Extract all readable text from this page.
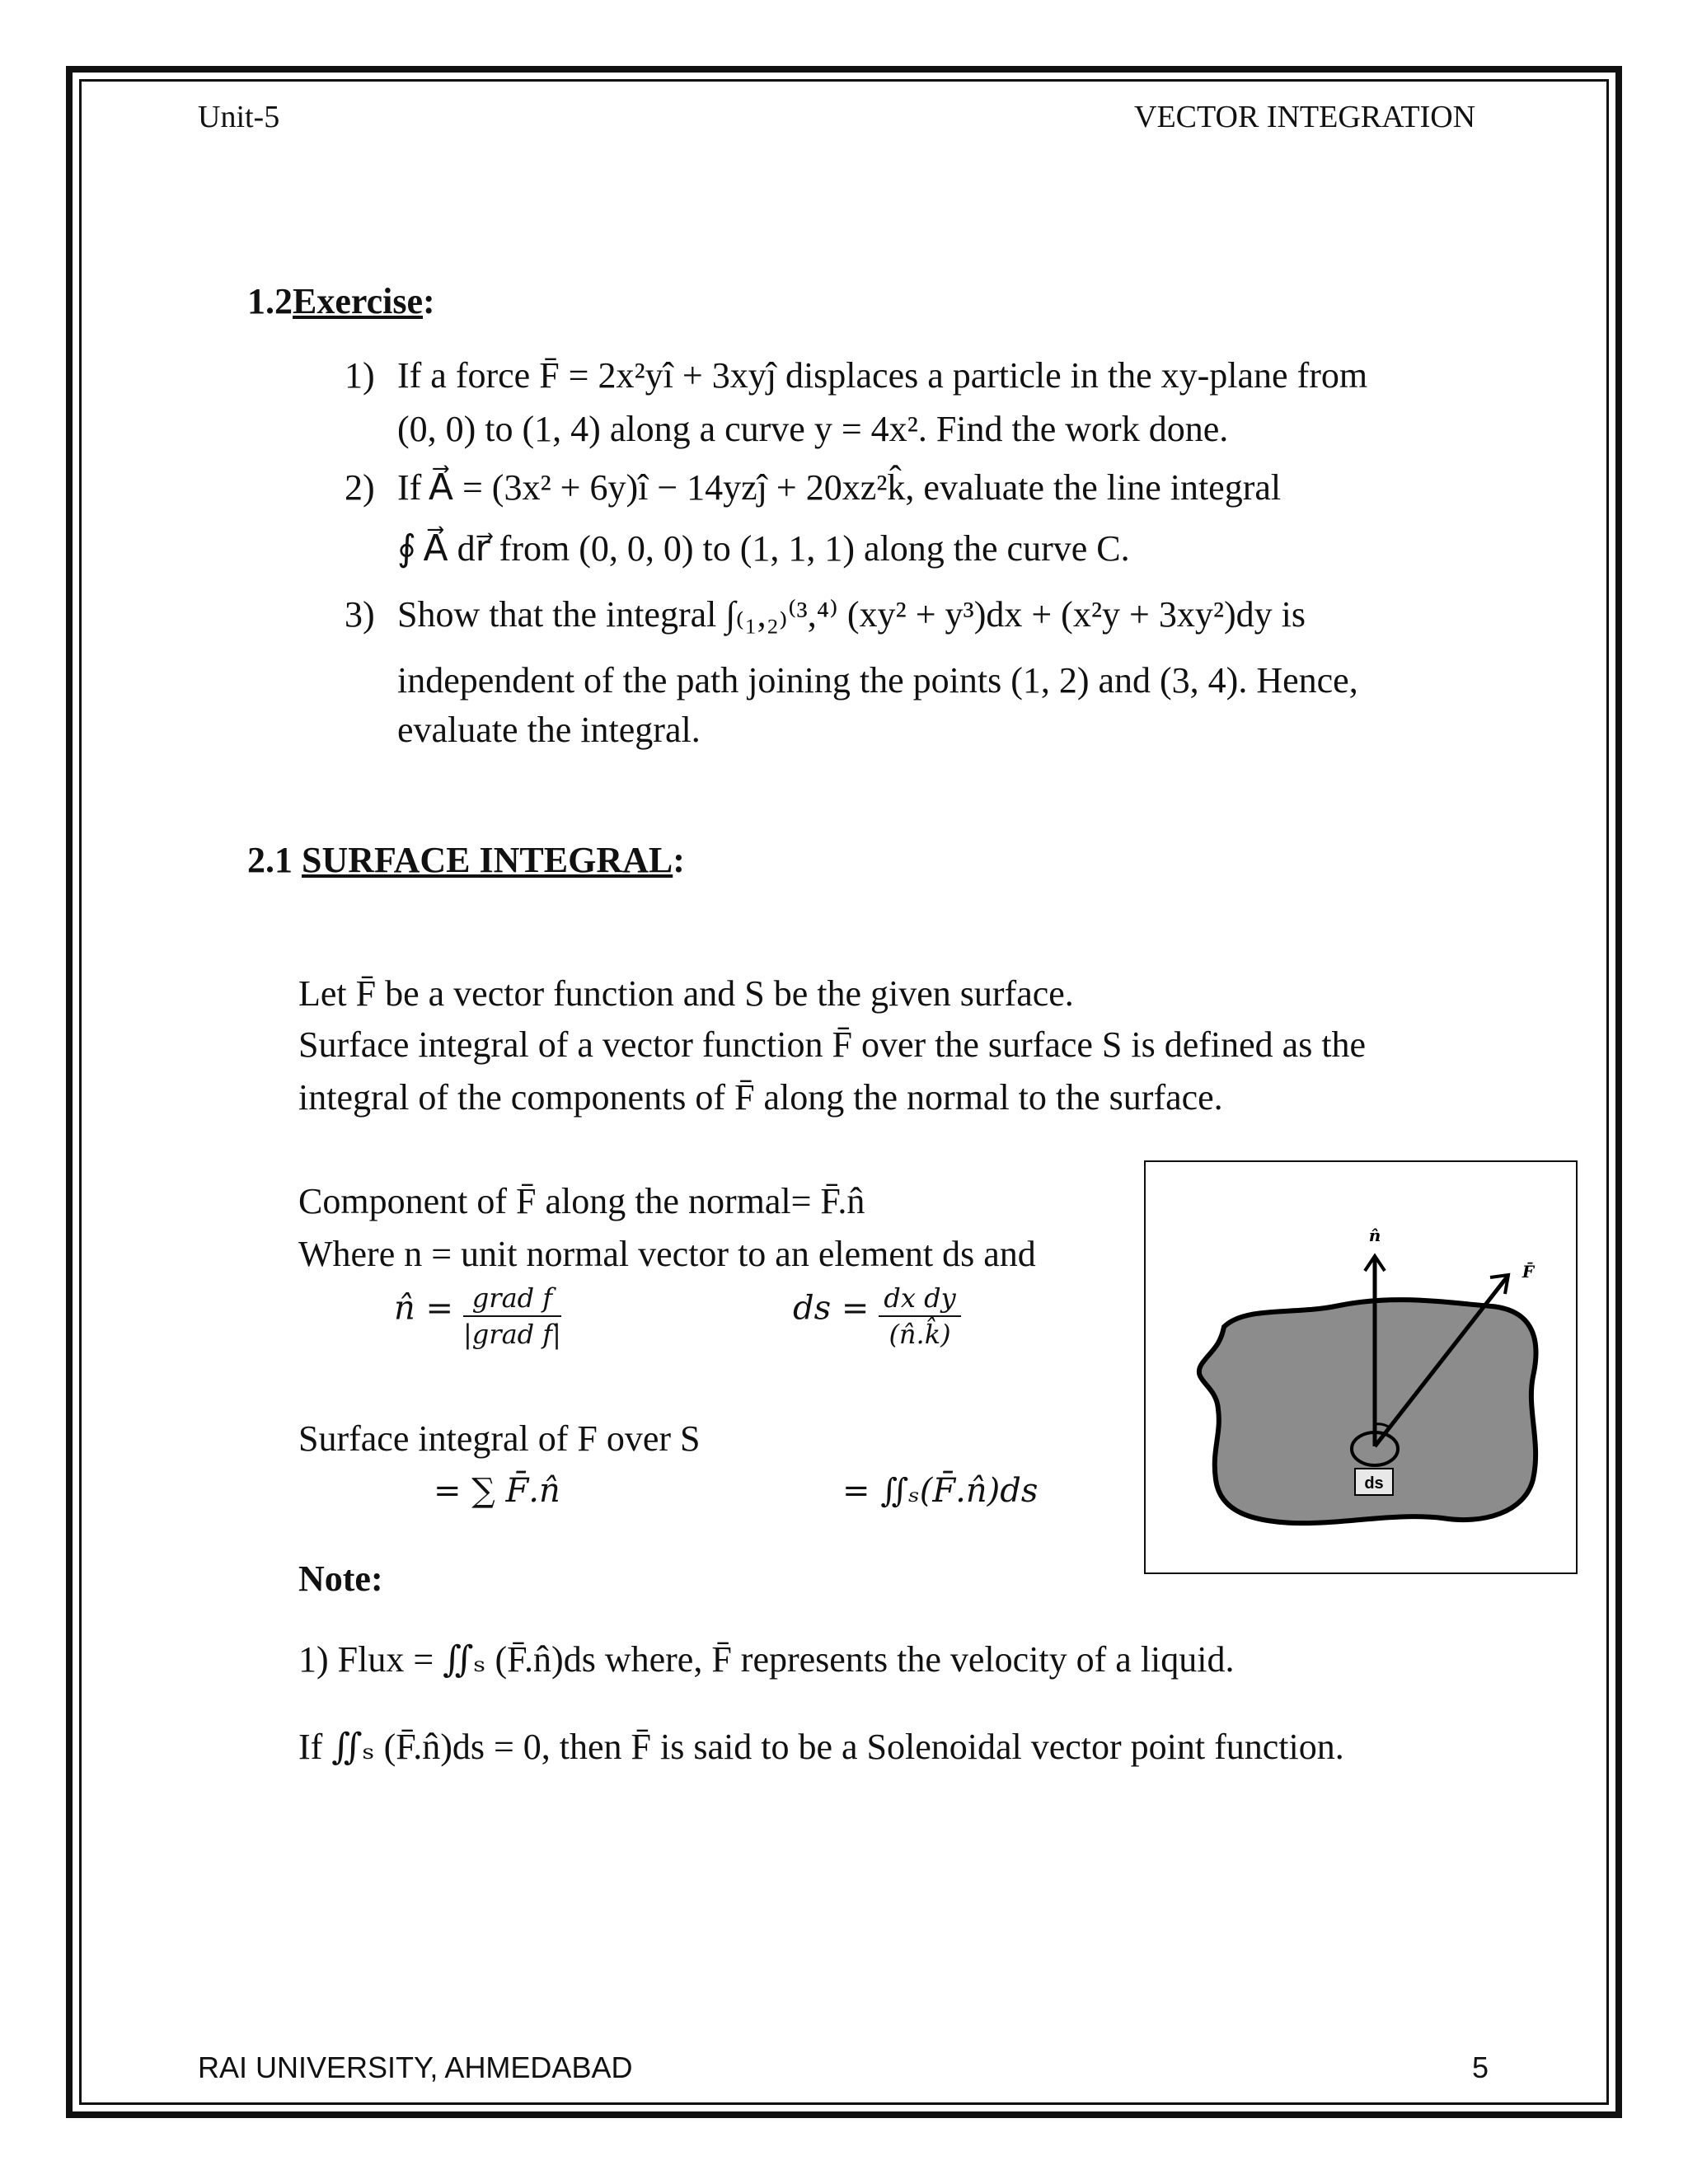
Unit-5	VECTOR INTEGRATION
1.2Exercise:
1) If a force F̄ = 2x²yî + 3xyĵ displaces a particle in the xy-plane from
(0, 0) to (1, 4) along a curve y = 4x². Find the work done.
2) If A⃗ = (3x² + 6y)î − 14yzĵ + 20xz²k̂, evaluate the line integral
∮ A⃗ dr⃗ from (0, 0, 0) to (1, 1, 1) along the curve C.
3) Show that the integral ∫₍₁,₂₎⁽³,⁴⁾ (xy² + y³)dx + (x²y + 3xy²)dy is
independent of the path joining the points (1, 2) and (3, 4). Hence,
evaluate the integral.
2.1 SURFACE INTEGRAL:
Let F̄ be a vector function and S be the given surface.
Surface integral of a vector function F̄ over the surface S is defined as the
integral of the components of F̄ along the normal to the surface.
Component of F̄ along the normal= F̄.n̂
Where n = unit normal vector to an element ds and
n̂ = $\frac{\text{grad f}}{\text{|grad f|}}$	ds = $\frac{\text{dx dy}}{(n̂.k̂)}$
Surface integral of F over S
= ∑ F̄.n̂	= ∬ₛ(F̄.n̂)ds	ds
n̂
F̄
Note:
1) Flux = ∬ₛ (F̄.n̂)ds where, F̄ represents the velocity of a liquid.
If ∬ₛ (F̄.n̂)ds = 0, then F̄ is said to be a Solenoidal vector point function.
RAI UNIVERSITY, AHMEDABAD	5
